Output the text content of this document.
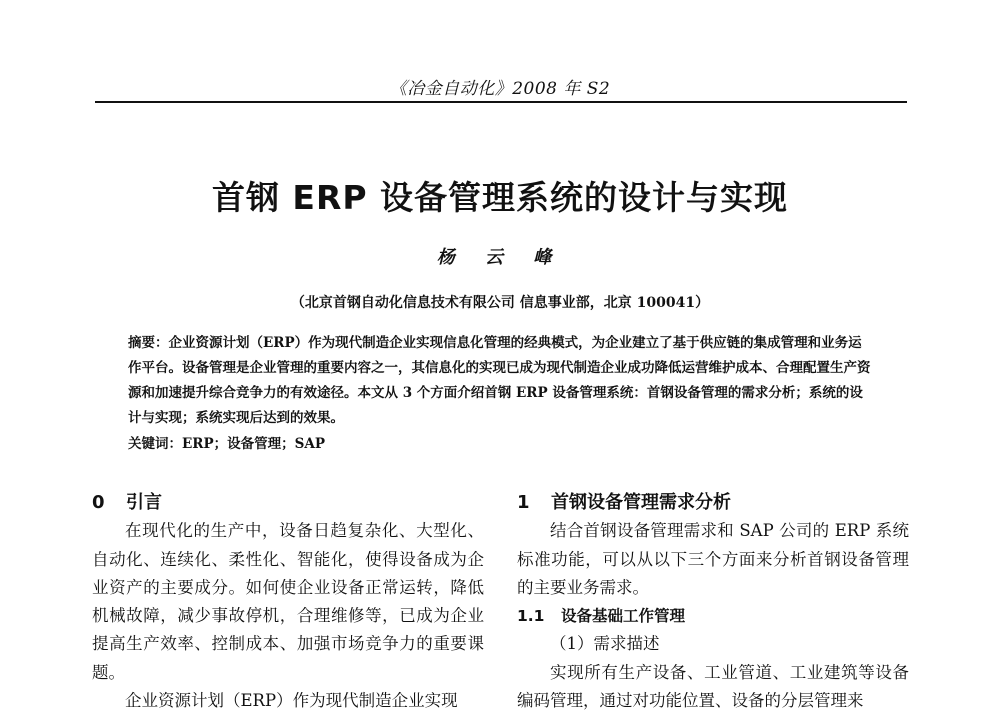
《冶金自动化》2008 年 S2
首钢 ERP 设备管理系统的设计与实现
杨 云 峰
（北京首钢自动化信息技术有限公司 信息事业部，北京 100041）
摘要：企业资源计划（ERP）作为现代制造企业实现信息化管理的经典模式，为企业建立了基于供应链的集成管理和业务运作平台。设备管理是企业管理的重要内容之一，其信息化的实现已成为现代制造企业成功降低运营维护成本、合理配置生产资源和加速提升综合竞争力的有效途径。本文从 3 个方面介绍首钢 ERP 设备管理系统：首钢设备管理的需求分析；系统的设计与实现；系统实现后达到的效果。
关键词：ERP；设备管理；SAP
0 引言
在现代化的生产中，设备日趋复杂化、大型化、自动化、连续化、柔性化、智能化，使得设备成为企业资产的主要成分。如何使企业设备正常运转，降低机械故障，减少事故停机，合理维修等，已成为企业提高生产效率、控制成本、加强市场竞争力的重要课题。
企业资源计划（ERP）作为现代制造企业实现
1 首钢设备管理需求分析
结合首钢设备管理需求和 SAP 公司的 ERP 系统标准功能，可以从以下三个方面来分析首钢设备管理的主要业务需求。
1.1 设备基础工作管理
（1）需求描述
实现所有生产设备、工业管道、工业建筑等设备编码管理，通过对功能位置、设备的分层管理来
